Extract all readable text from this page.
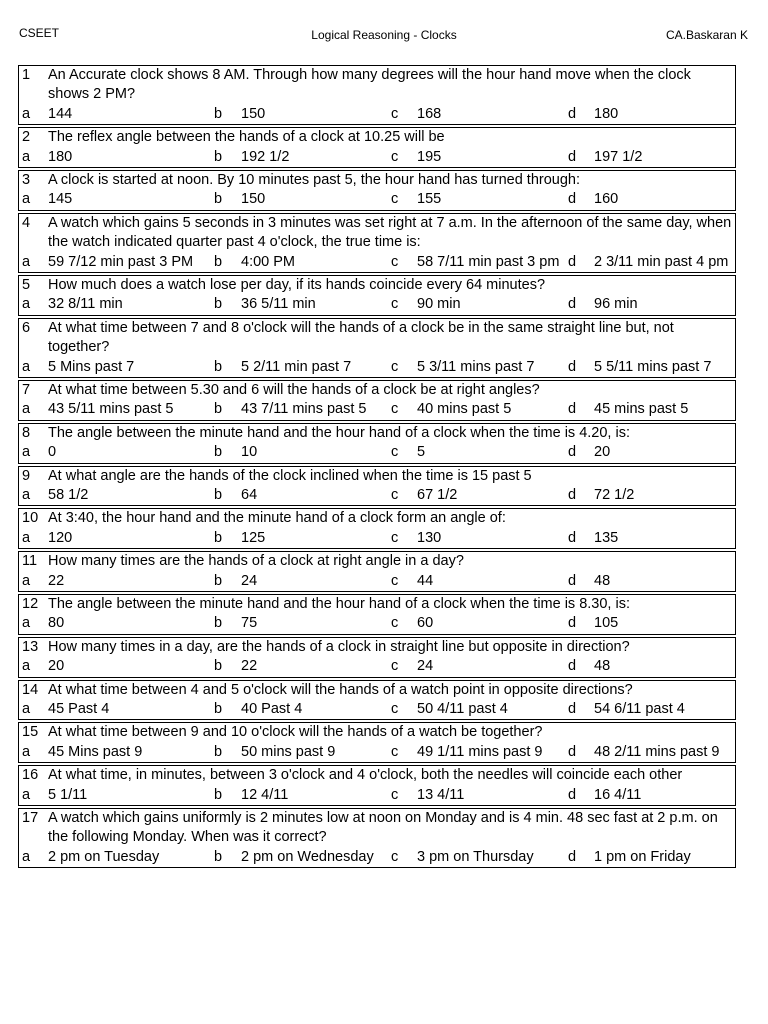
CSEET	Logical Reasoning - Clocks	CA.Baskaran K
1 An Accurate clock shows 8 AM. Through how many degrees will the hour hand move when the clock shows 2 PM?
a 144	b 150	c 168	d 180
2 The reflex angle between the hands of a clock at 10.25 will be
a 180	b 192 1/2	c 195	d 197 1/2
3 A clock is started at noon. By 10 minutes past 5, the hour hand has turned through:
a 145	b 150	c 155	d 160
4 A watch which gains 5 seconds in 3 minutes was set right at 7 a.m. In the afternoon of the same day, when the watch indicated quarter past 4 o'clock, the true time is:
a 59 7/12 min past 3 PM b 4:00 PM	c 58 7/11 min past 3 pm d 2 3/11 min past 4 pm
5 How much does a watch lose per day, if its hands coincide every 64 minutes?
a 32 8/11 min	b 36 5/11 min	c 90 min	d 96 min
6 At what time between 7 and 8 o'clock will the hands of a clock be in the same straight line but, not together?
a 5 Mins past 7	b 5 2/11 min past 7	c 5 3/11 mins past 7 d 5 5/11 mins past 7
7 At what time between 5.30 and 6 will the hands of a clock be at right angles?
a 43 5/11 mins past 5	b 43 7/11 mins past 5 c 40 mins past 5	d 45 mins past 5
8 The angle between the minute hand and the hour hand of a clock when the time is 4.20, is:
a 0	b 10	c 5	d 20
9 At what angle are the hands of the clock inclined when the time is 15 past 5
a 58 1/2	b 64	c 67 1/2	d 72 1/2
10 At 3:40, the hour hand and the minute hand of a clock form an angle of:
a 120	b 125	c 130	d 135
11 How many times are the hands of a clock at right angle in a day?
a 22	b 24	c 44	d 48
12 The angle between the minute hand and the hour hand of a clock when the time is 8.30, is:
a 80	b 75	c 60	d 105
13 How many times in a day, are the hands of a clock in straight line but opposite in direction?
a 20	b 22	c 24	d 48
14 At what time between 4 and 5 o'clock will the hands of a watch point in opposite directions?
a 45 Past 4	b 40 Past 4	c 50 4/11 past 4	d 54 6/11 past 4
15 At what time between 9 and 10 o'clock will the hands of a watch be together?
a 45 Mins past 9	b 50 mins past 9	c 49 1/11 mins past 9 d 48 2/11 mins past 9
16 At what time, in minutes, between 3 o'clock and 4 o'clock, both the needles will coincide each other
a 5 1/11	b 12 4/11	c 13 4/11	d 16 4/11
17 A watch which gains uniformly is 2 minutes low at noon on Monday and is 4 min. 48 sec fast at 2 p.m. on the following Monday. When was it correct?
a 2 pm on Tuesday	b 2 pm on Wednesday c 3 pm on Thursday d 1 pm on Friday
